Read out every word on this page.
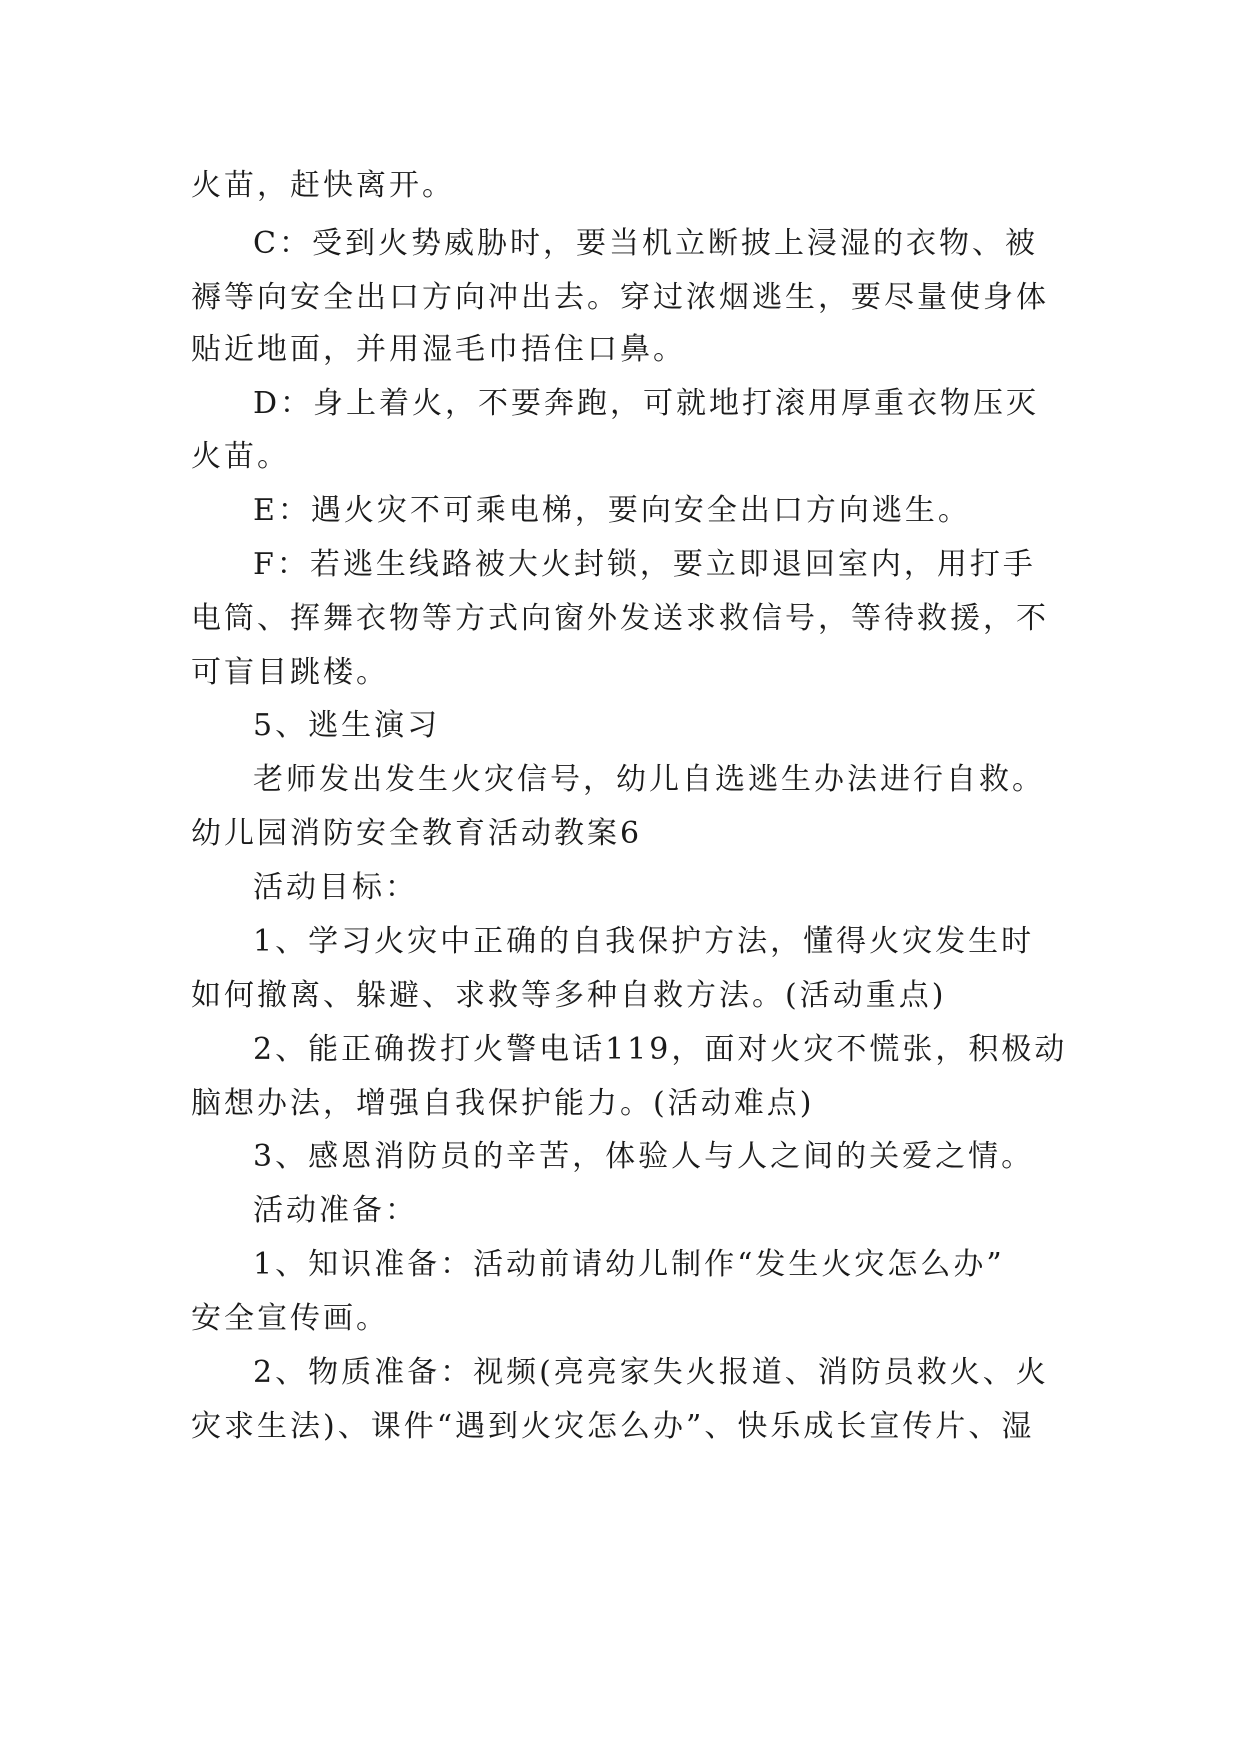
火苗，赶快离开。
C：受到火势威胁时，要当机立断披上浸湿的衣物、被
褥等向安全出口方向冲出去。穿过浓烟逃生，要尽量使身体
贴近地面，并用湿毛巾捂住口鼻。
D：身上着火，不要奔跑，可就地打滚用厚重衣物压灭
火苗。
E：遇火灾不可乘电梯，要向安全出口方向逃生。
F：若逃生线路被大火封锁，要立即退回室内，用打手
电筒、挥舞衣物等方式向窗外发送求救信号，等待救援，不
可盲目跳楼。
5、逃生演习
老师发出发生火灾信号，幼儿自选逃生办法进行自救。
幼儿园消防安全教育活动教案6
活动目标：
1、学习火灾中正确的自我保护方法，懂得火灾发生时
如何撤离、躲避、求救等多种自救方法。(活动重点)
2、能正确拨打火警电话119，面对火灾不慌张，积极动
脑想办法，增强自我保护能力。(活动难点)
3、感恩消防员的辛苦，体验人与人之间的关爱之情。
活动准备：
1、知识准备：活动前请幼儿制作“发生火灾怎么办”
安全宣传画。
2、物质准备：视频(亮亮家失火报道、消防员救火、火
灾求生法)、课件“遇到火灾怎么办”、快乐成长宣传片、湿
